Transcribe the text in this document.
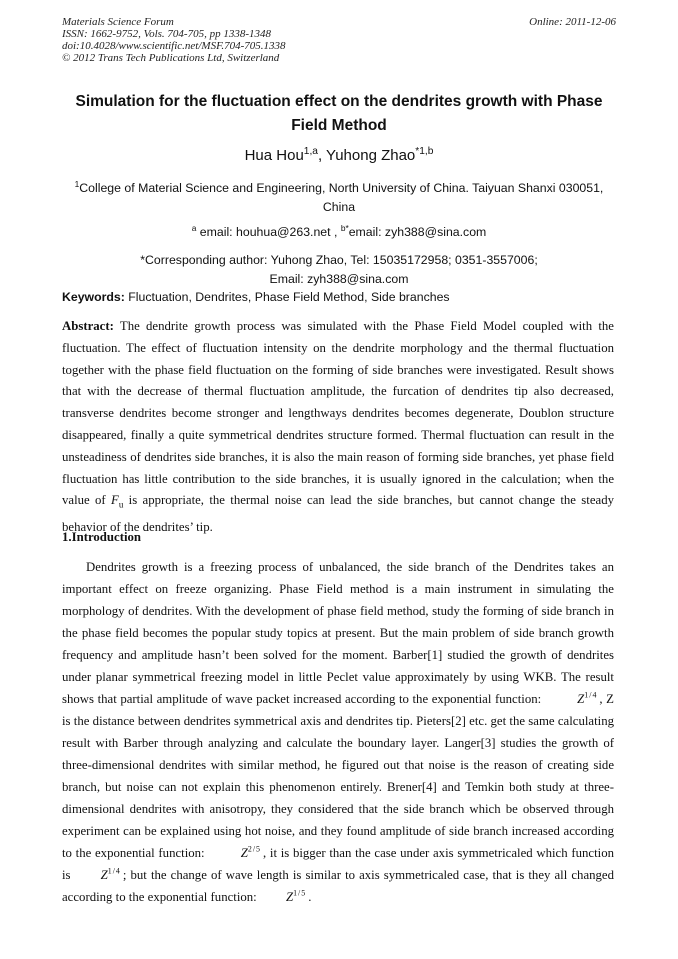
Materials Science Forum
ISSN: 1662-9752, Vols. 704-705, pp 1338-1348
doi:10.4028/www.scientific.net/MSF.704-705.1338
© 2012 Trans Tech Publications Ltd, Switzerland
Online: 2011-12-06
Simulation for the fluctuation effect on the dendrites growth with Phase Field Method
Hua Hou$^{1,a}$, Yuhong Zhao$^{*1,b}$
$^1$College of Material Science and Engineering, North University of China. Taiyuan Shanxi 030051, China
$^a$ email: houhua@263.net , $^{b*}$email: zyh388@sina.com
*Corresponding author: Yuhong Zhao, Tel: 15035172958; 0351-3557006;
Email: zyh388@sina.com
Keywords: Fluctuation, Dendrites, Phase Field Method, Side branches
Abstract: The dendrite growth process was simulated with the Phase Field Model coupled with the fluctuation. The effect of fluctuation intensity on the dendrite morphology and the thermal fluctuation together with the phase field fluctuation on the forming of side branches were investigated. Result shows that with the decrease of thermal fluctuation amplitude, the furcation of dendrites tip also decreased, transverse dendrites become stronger and lengthways dendrites becomes degenerate, Doublon structure disappeared, finally a quite symmetrical dendrites structure formed. Thermal fluctuation can result in the unsteadiness of dendrites side branches, it is also the main reason of forming side branches, yet phase field fluctuation has little contribution to the side branches, it is usually ignored in the calculation; when the value of $F_u$ is appropriate, the thermal noise can lead the side branches, but cannot change the steady behavior of the dendrites’ tip.
1.Introduction
Dendrites growth is a freezing process of unbalanced, the side branch of the Dendrites takes an important effect on freeze organizing. Phase Field method is a main instrument in simulating the morphology of dendrites. With the development of phase field method, study the forming of side branch in the phase field becomes the popular study topics at present. But the main problem of side branch growth frequency and amplitude hasn’t been solved for the moment. Barber[1] studied the growth of dendrites under planar symmetrical freezing model in little Peclet value approximately by using WKB. The result shows that partial amplitude of wave packet increased according to the exponential function:	$Z^{1/4}$ , Z is the distance between dendrites symmetrical axis and dendrites tip. Pieters[2] etc. get the same calculating result with Barber through analyzing and calculate the boundary layer. Langer[3] studies the growth of three-dimensional dendrites with similar method, he figured out that noise is the reason of creating side branch, but noise can not explain this phenomenon entirely. Brener[4] and Temkin both study at three-dimensional dendrites with anisotropy, they considered that the side branch which be observed through experiment can be explained using hot noise, and they found amplitude of side branch increased according to the exponential function:	$Z^{2/5}$ , it is bigger than the case under axis symmetricaled which function is $Z^{1/4}$ ; but the change of wave length is similar to axis symmetricaled case, that is they all changed according to the exponential function: $Z^{1/5}$ .
